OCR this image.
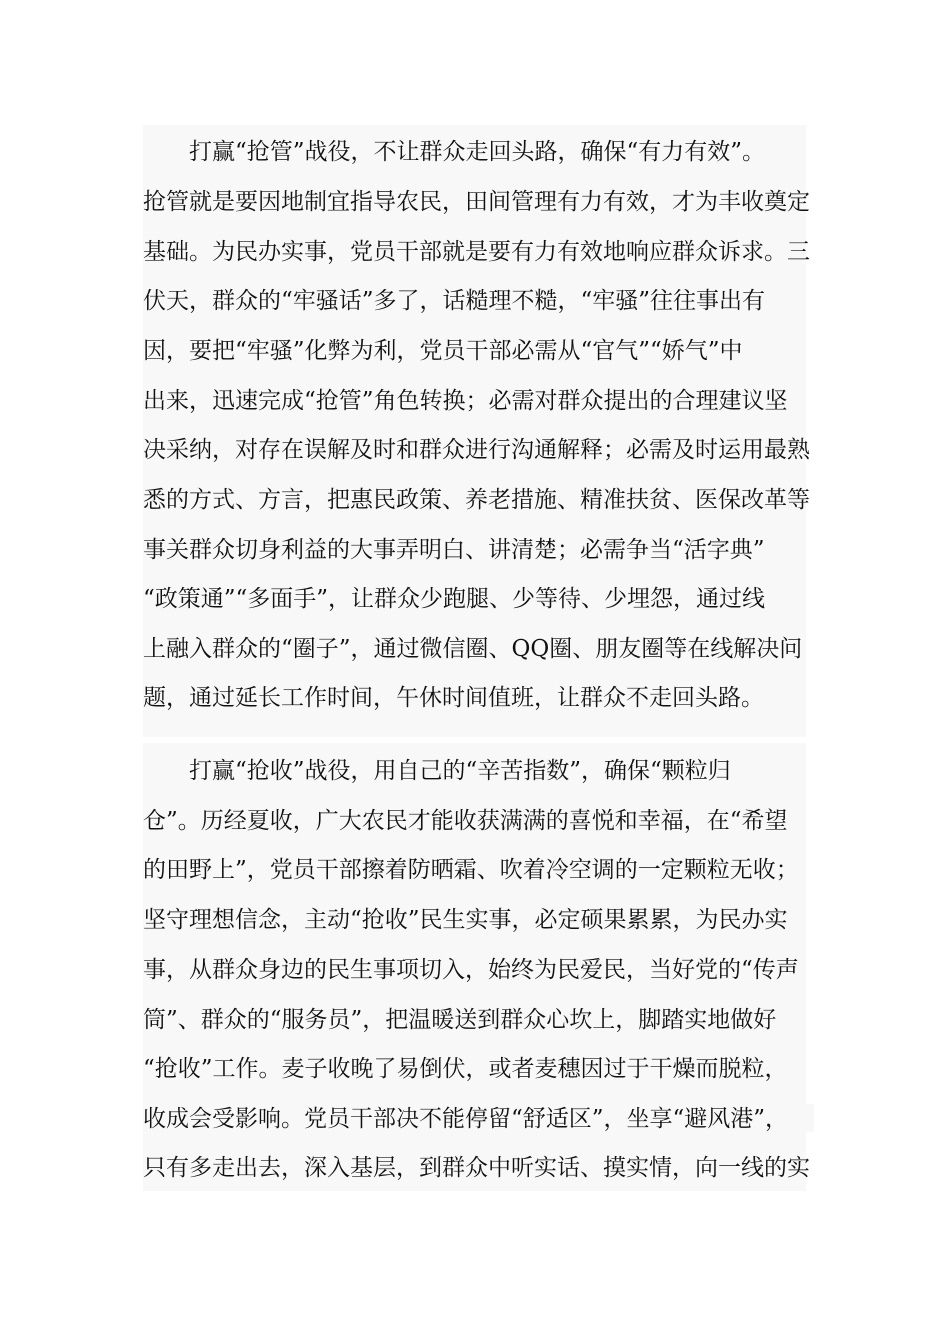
打赢“抢管”战役，不让群众走回头路，确保“有力有效”。
抢管就是要因地制宜指导农民，田间管理有力有效，才为丰收奠定
基础。为民办实事，党员干部就是要有力有效地响应群众诉求。三
伏天，群众的“牢骚话”多了，话糙理不糙，“牢骚”往往事出有
因，要把“牢骚”化弊为利，党员干部必需从“官气”“娇气”中
出来，迅速完成“抢管”角色转换；必需对群众提出的合理建议坚
决采纳，对存在误解及时和群众进行沟通解释；必需及时运用最熟
悉的方式、方言，把惠民政策、养老措施、精准扶贫、医保改革等
事关群众切身利益的大事弄明白、讲清楚；必需争当“活字典”
“政策通”“多面手”，让群众少跑腿、少等待、少埋怨，通过线
上融入群众的“圈子”，通过微信圈、QQ圈、朋友圈等在线解决问
题，通过延长工作时间，午休时间值班，让群众不走回头路。
打赢“抢收”战役，用自己的“辛苦指数”，确保“颗粒归
仓”。历经夏收，广大农民才能收获满满的喜悦和幸福，在“希望
的田野上”，党员干部擦着防晒霜、吹着冷空调的一定颗粒无收；
坚守理想信念，主动“抢收”民生实事，必定硕果累累，为民办实
事，从群众身边的民生事项切入，始终为民爱民，当好党的“传声
筒”、群众的“服务员”，把温暖送到群众心坎上，脚踏实地做好
“抢收”工作。麦子收晚了易倒伏，或者麦穗因过于干燥而脱粒，
收成会受影响。党员干部决不能停留“舒适区”，坐享“避风港”，
只有多走出去，深入基层，到群众中听实话、摸实情，向一线的实
